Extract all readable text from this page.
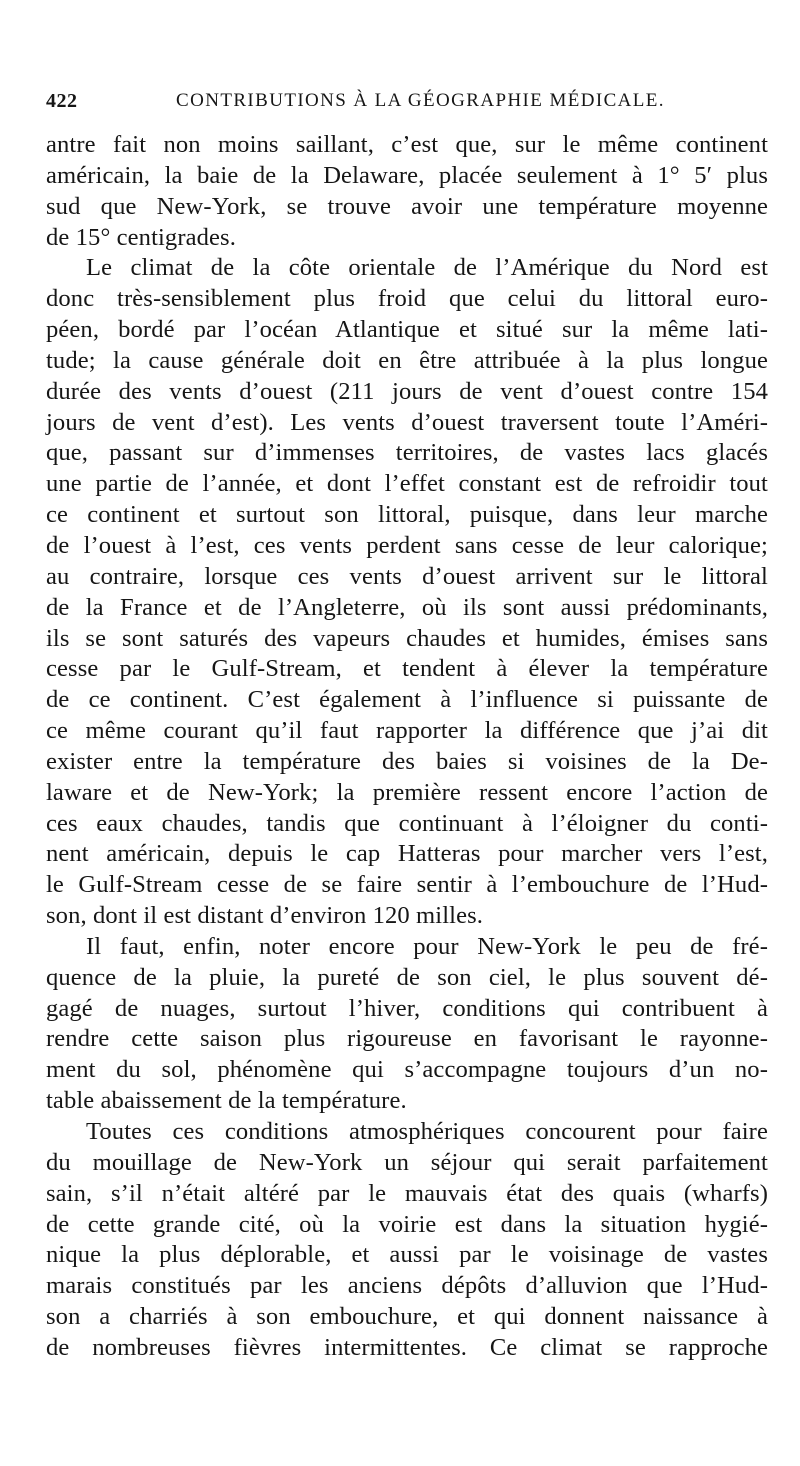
422	CONTRIBUTIONS À LA GÉOGRAPHIE MÉDICALE.
antre fait non moins saillant, c’est que, sur le même continent
américain, la baie de la Delaware, placée seulement à 1° 5′ plus
sud que New-York, se trouve avoir une température moyenne
de 15° centigrades.
Le climat de la côte orientale de l’Amérique du Nord est
donc très-sensiblement plus froid que celui du littoral euro-
péen, bordé par l’océan Atlantique et situé sur la même lati-
tude; la cause générale doit en être attribuée à la plus longue
durée des vents d’ouest (211 jours de vent d’ouest contre 154
jours de vent d’est). Les vents d’ouest traversent toute l’Améri-
que, passant sur d’immenses territoires, de vastes lacs glacés
une partie de l’année, et dont l’effet constant est de refroidir tout
ce continent et surtout son littoral, puisque, dans leur marche
de l’ouest à l’est, ces vents perdent sans cesse de leur calorique;
au contraire, lorsque ces vents d’ouest arrivent sur le littoral
de la France et de l’Angleterre, où ils sont aussi prédominants,
ils se sont saturés des vapeurs chaudes et humides, émises sans
cesse par le Gulf-Stream, et tendent à élever la température
de ce continent. C’est également à l’influence si puissante de
ce même courant qu’il faut rapporter la différence que j’ai dit
exister entre la température des baies si voisines de la De-
laware et de New-York; la première ressent encore l’action de
ces eaux chaudes, tandis que continuant à l’éloigner du conti-
nent américain, depuis le cap Hatteras pour marcher vers l’est,
le Gulf-Stream cesse de se faire sentir à l’embouchure de l’Hud-
son, dont il est distant d’environ 120 milles.
Il faut, enfin, noter encore pour New-York le peu de fré-
quence de la pluie, la pureté de son ciel, le plus souvent dé-
gagé de nuages, surtout l’hiver, conditions qui contribuent à
rendre cette saison plus rigoureuse en favorisant le rayonne-
ment du sol, phénomène qui s’accompagne toujours d’un no-
table abaissement de la température.
Toutes ces conditions atmosphériques concourent pour faire
du mouillage de New-York un séjour qui serait parfaitement
sain, s’il n’était altéré par le mauvais état des quais (wharfs)
de cette grande cité, où la voirie est dans la situation hygié-
nique la plus déplorable, et aussi par le voisinage de vastes
marais constitués par les anciens dépôts d’alluvion que l’Hud-
son a charriés à son embouchure, et qui donnent naissance à
de nombreuses fièvres intermittentes. Ce climat se rapproche
